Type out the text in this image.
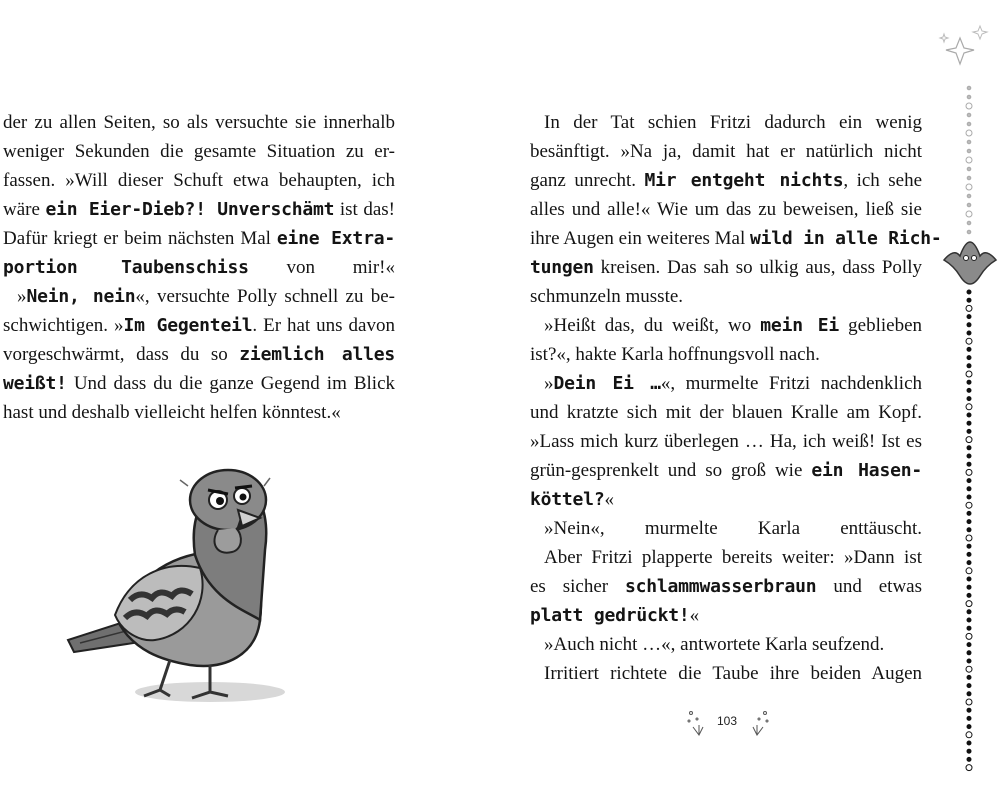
der zu allen Seiten, so als versuchte sie innerhalb
weniger Sekunden die gesamte Situation zu er-
fassen. »Will dieser Schuft etwa behaupten, ich
wäre ein Eier-Dieb?! Unverschämt ist das!
Dafür kriegt er beim nächsten Mal eine Extra-
portion Taubenschiss von mir!«
»Nein, nein«, versuchte Polly schnell zu be-
schwichtigen. »Im Gegenteil. Er hat uns davon
vorgeschwärmt, dass du so ziemlich alles
weißt! Und dass du die ganze Gegend im Blick
hast und deshalb vielleicht helfen könntest.«
In der Tat schien Fritzi dadurch ein wenig
besänftigt. »Na ja, damit hat er natürlich nicht
ganz unrecht. Mir entgeht nichts, ich sehe
alles und alle!« Wie um das zu beweisen, ließ sie
ihre Augen ein weiteres Mal wild in alle Rich-
tungen kreisen. Das sah so ulkig aus, dass Polly
schmunzeln musste.
»Heißt das, du weißt, wo mein Ei geblieben
ist?«, hakte Karla hoffnungsvoll nach.
»Dein Ei …«, murmelte Fritzi nachdenklich
und kratzte sich mit der blauen Kralle am Kopf.
»Lass mich kurz überlegen … Ha, ich weiß! Ist es
grün-gesprenkelt und so groß wie ein Hasen-
köttel?«
»Nein«, murmelte Karla enttäuscht.
Aber Fritzi plapperte bereits weiter: »Dann ist
es sicher schlammwasserbraun und etwas
platt gedrückt!«
»Auch nicht …«, antwortete Karla seufzend.
Irritiert richtete die Taube ihre beiden Augen
103
